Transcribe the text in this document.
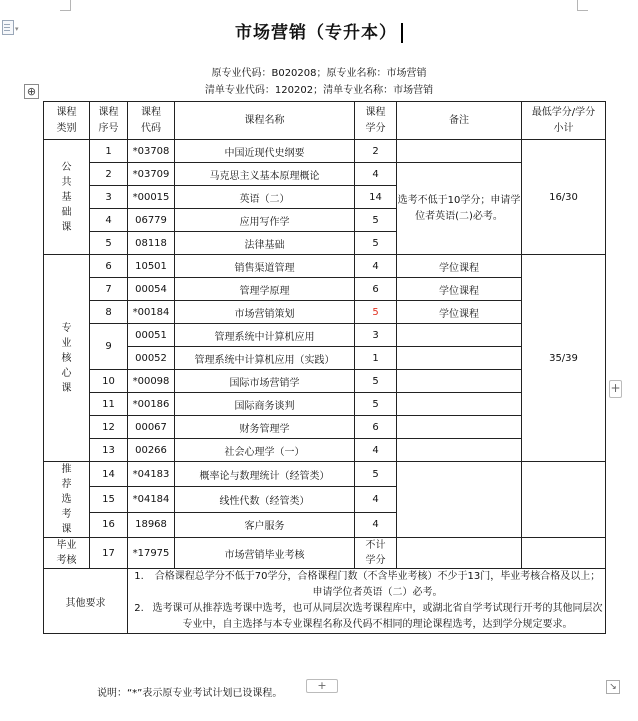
▾
⊕
+
+	↘
市场营销（专升本）
原专业代码：B020208；原专业名称：市场营销
清单专业代码：120202；清单专业名称：市场营销
课程类别	课程序号	课程代码	课程名称	课程学分	备注	最低学分/学分小计

公共基础课	1	*03708	中国近现代史纲要	2		16/30
	2	*03709	马克思主义基本原理概论	4	选考不低于10学分；申请学位者英语(二)必考。	
	3	*00015	英语（二）	14		
	4	06779	应用写作学	5		
	5	08118	法律基础	5		

专业核心课	6	10501	销售渠道管理	4	学位课程	35/39
	7	00054	管理学原理	6	学位课程	
	8	*00184	市场营销策划	5	学位课程	
	9	00051	管理系统中计算机应用	3		
		00052	管理系统中计算机应用（实践）	1		
	10	*00098	国际市场营销学	5		
	11	*00186	国际商务谈判	5		
	12	00067	财务管理学	6		
	13	00266	社会心理学（一）	4		

推荐选考课	14	*04183	概率论与数理统计（经管类）	5		
	15	*04184	线性代数（经管类）	4		
	16	18968	客户服务	4		

毕业考核	17	*17975	市场营销毕业考核	不计学分		

其他要求		1. 合格课程总学分不低于70学分，合格课程门数（不含毕业考核）不少于13门，毕业考核合格及以上；申请学位者英语（二）必考。
2. 选考课可从推荐选考课中选考，也可从同层次选考课程库中，或湖北省自学考试现行开考的其他同层次专业中，自主选择与本专业课程名称及代码不相同的理论课程选考，达到学分规定要求。				
说明：“*”表示原专业考试计划已设课程。
